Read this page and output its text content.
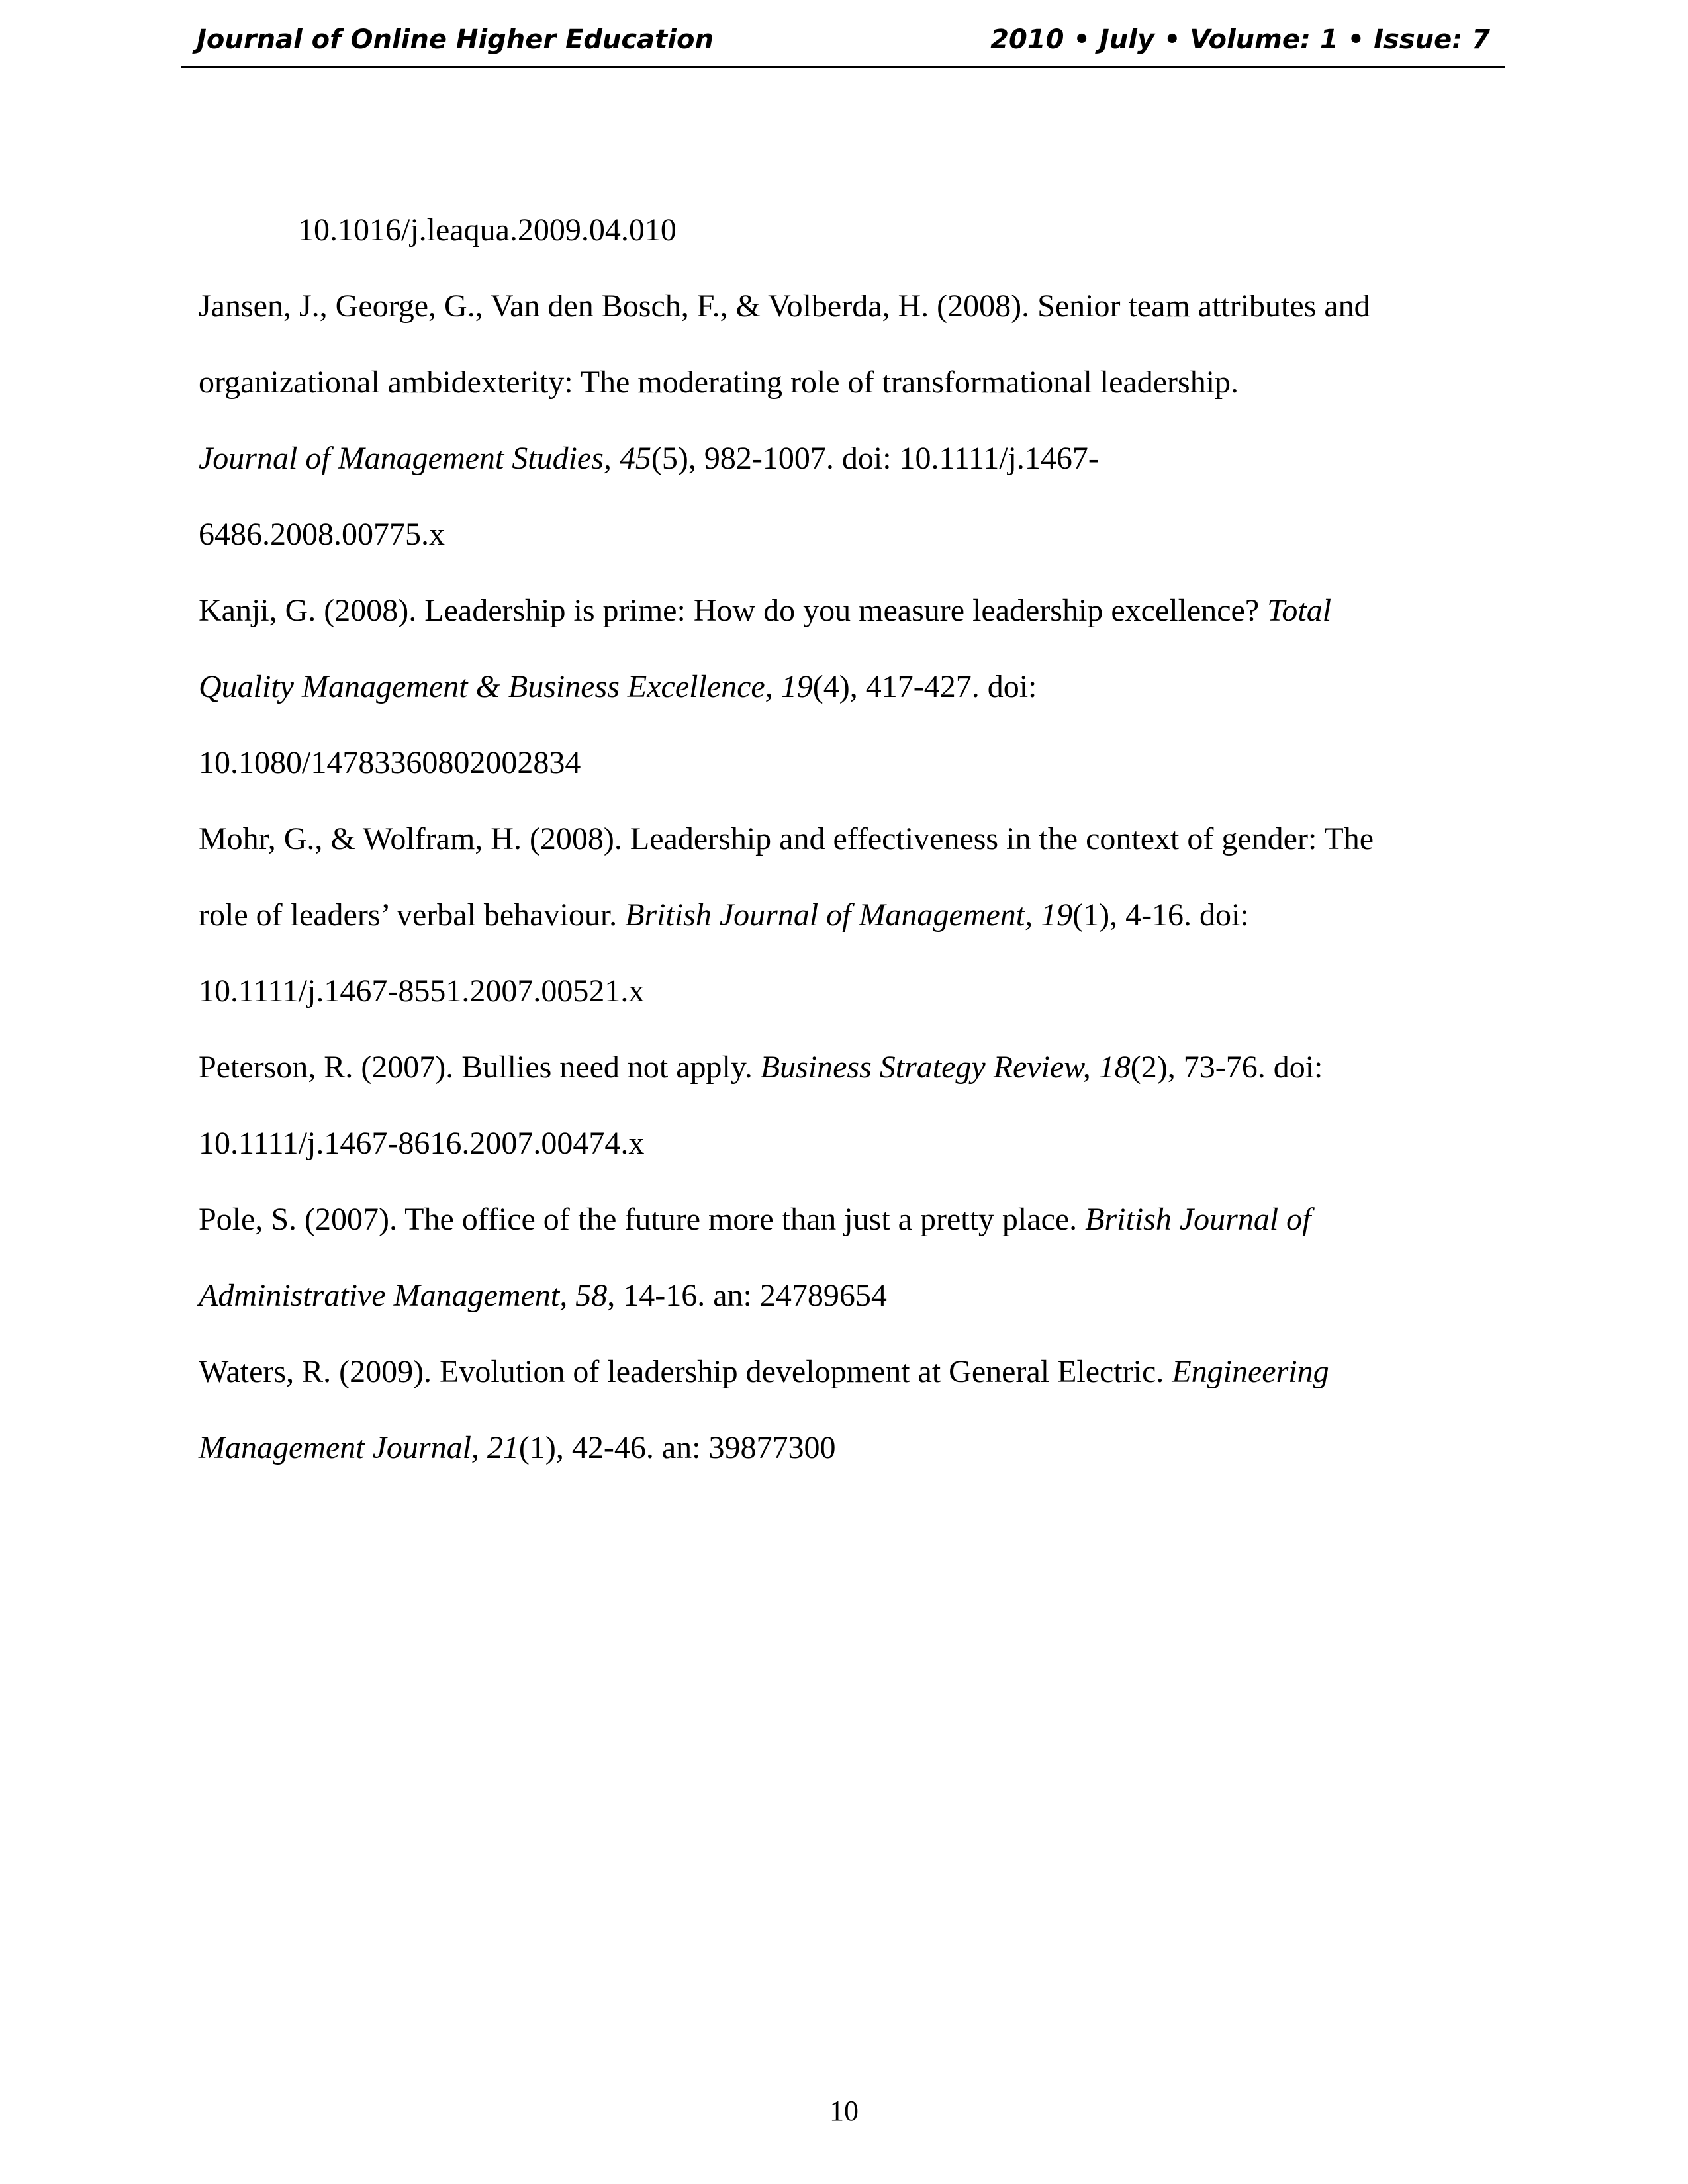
Journal of Online Higher Education	2010 • July • Volume: 1 • Issue: 7
10.1016/j.leaqua.2009.04.010
Jansen, J., George, G., Van den Bosch, F., & Volberda, H. (2008). Senior team attributes and
organizational ambidexterity: The moderating role of transformational leadership.
Journal of Management Studies, 45(5), 982-1007. doi: 10.1111/j.1467-
6486.2008.00775.x
Kanji, G. (2008). Leadership is prime: How do you measure leadership excellence? Total
Quality Management & Business Excellence, 19(4), 417-427. doi:
10.1080/14783360802002834
Mohr, G., & Wolfram, H. (2008). Leadership and effectiveness in the context of gender: The
role of leaders’ verbal behaviour. British Journal of Management, 19(1), 4-16. doi:
10.1111/j.1467-8551.2007.00521.x
Peterson, R. (2007). Bullies need not apply. Business Strategy Review, 18(2), 73-76. doi:
10.1111/j.1467-8616.2007.00474.x
Pole, S. (2007). The office of the future more than just a pretty place. British Journal of
Administrative Management, 58, 14-16. an: 24789654
Waters, R. (2009). Evolution of leadership development at General Electric. Engineering
Management Journal, 21(1), 42-46. an: 39877300
10
